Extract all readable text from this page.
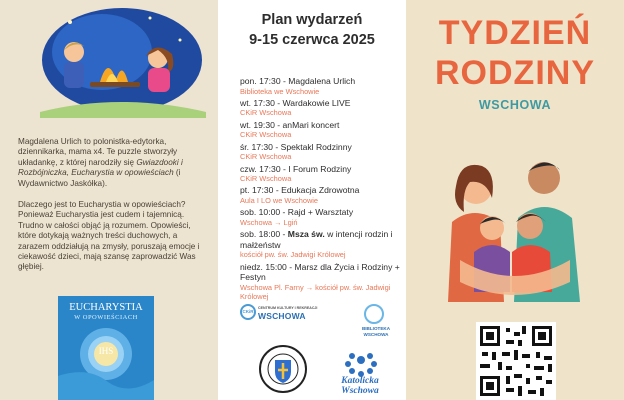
Magdalena Urlich to polonistka-edytorka, dziennikarka, mama x4. Te puzzle stworzyły układankę, z której narodziły się Gwiazdooki i Rozbójniczka, Eucharystia w opowieściach (i Wydawnictwo Jaskółka).

Dlaczego jest to Eucharystia w opowieściach? Ponieważ Eucharystia jest cudem i tajemnicą. Trudno w całości objąć ją rozumem. Opowieści, które dotykają ważnych treści duchowych, a zarazem oddziałują na zmysły, poruszają emocje i ciekawość dzieci, mają szansę zaprowadzić Was głębiej.

EUCHARYSTIA
W OPOWIEŚCIACH
IHS
Plan wydarzeń
9-15 czerwca 2025
pon. 17:30 - Magdalena Urlich
Biblioteka we Wschowie
wt. 17:30 - Wardakowie LIVE
CKiR Wschowa
wt. 19:30 - anMari koncert
CKiR Wschowa
śr. 17:30 - Spektakl Rodzinny
CKiR Wschowa
czw. 17:30 - I Forum Rodziny
CKiR Wschowa
pt. 17:30 - Edukacja Zdrowotna
Aula I LO we Wschowie
sob. 10:00 - Rajd + Warsztaty
Wschowa → Lgiń
sob. 18:00 - Msza św. w intencji rodzin i małżeństw
kościół pw. św. Jadwigi Królowej
niedz. 15:00 - Marsz dla Życia i Rodziny + Festyn
Wschowa Pl. Farny → kościół pw. św. Jadwigi Królowej
CKiR
CENTRUM KULTURY I REKREACJI
WSCHOWA
BIBLIOTEKA
WSCHOWA
Katolicka
Wschowa
TYDZIEŃ
RODZINY
WSCHOWA
